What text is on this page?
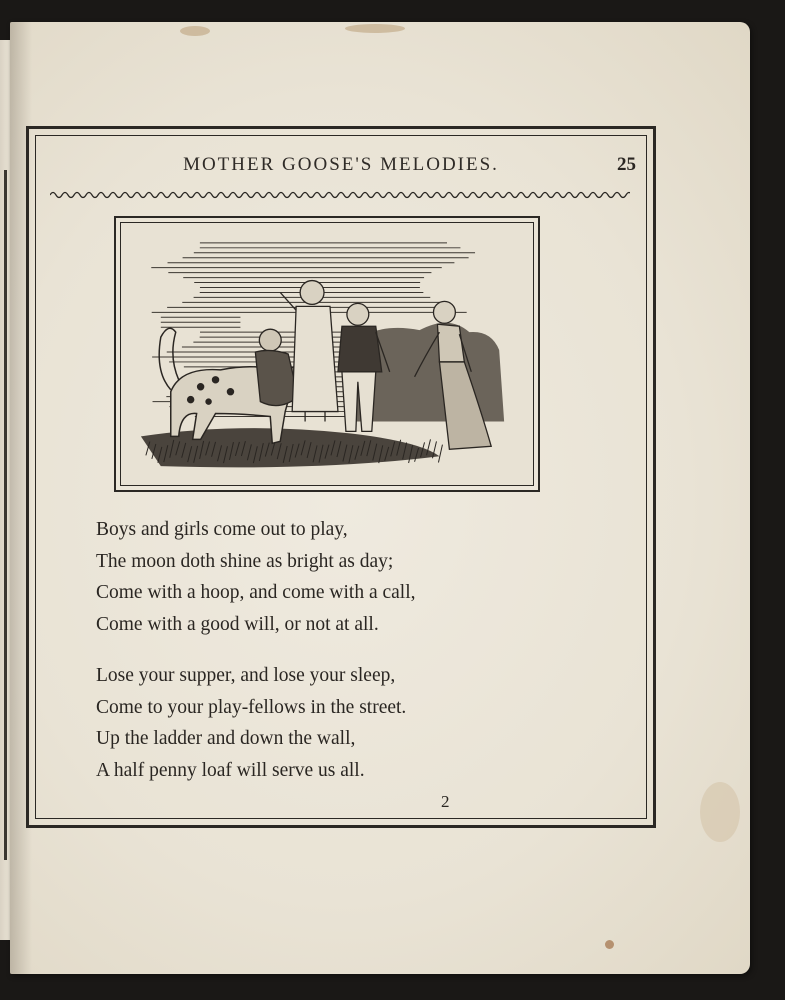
MOTHER GOOSE'S MELODIES.	25
Boys and girls come out to play,
The moon doth shine as bright as day;
Come with a hoop, and come with a call,
Come with a good will, or not at all.
Lose your supper, and lose your sleep,
Come to your play-fellows in the street.
Up the ladder and down the wall,
A half penny loaf will serve us all.
2
